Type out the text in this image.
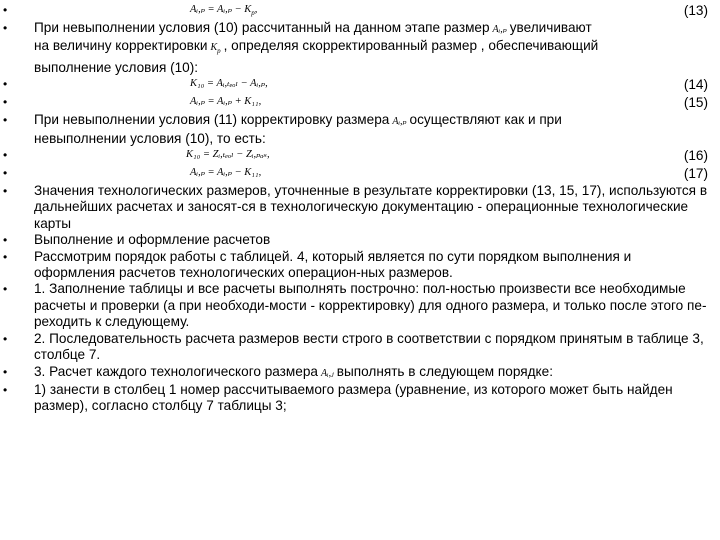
•	Aᵢ,ₚ = Aᵢ,ₚ − $K_p$,	(13)
• При невыполнении условия (10) рассчитанный на данном этапе размер Aᵢ,ₚ увеличивают
на величину корректировки $K_р$ , определяя скорректированный размер , обеспечивающий
выполнение условия (10):
•	K₁₀ = Aᵢ,ₜₑₒₗ − Aᵢ,ₚ,	(14)
•	Aᵢ,ₚ = Aᵢ,ₚ + K₁₁,	(15)
• При невыполнении условия (11) корректировку размера Aᵢ,ₚ осуществляют как и при
невыполнении условия (10), то есть:
•	K₁₀ = Zᵢ,ₜₑₒₗ − Zᵢ,ₚₐₛ,	(16)
•	Aᵢ,ₚ = Aᵢ,ₚ − K₁₁,	(17)
• Значения технологических размеров, уточненные в результате корректировки (13, 15, 17), используются в дальнейших расчетах и заносят-ся в технологическую документацию - операционные технологические карты
• Выполнение и оформление расчетов
• Рассмотрим порядок работы с таблицей. 4, который является по сути порядком выполнения и оформления расчетов технологических операцион-ных размеров.
• 1. Заполнение таблицы и все расчеты выполнять построчно: пол-ностью произвести все необходимые расчеты и проверки (а при необходи-мости - корректировку) для одного размера, и только после этого пе-реходить к следующему.
• 2. Последовательность расчета размеров вести строго в соответствии с порядком принятым в таблице 3, столбце 7.
• 3. Расчет каждого технологического размера Aᵢ,ⱼ выполнять в следующем порядке:
• 1) занести в столбец 1 номер рассчитываемого размера (уравнение, из которого может быть найден размер), согласно столбцу 7 таблицы 3;
